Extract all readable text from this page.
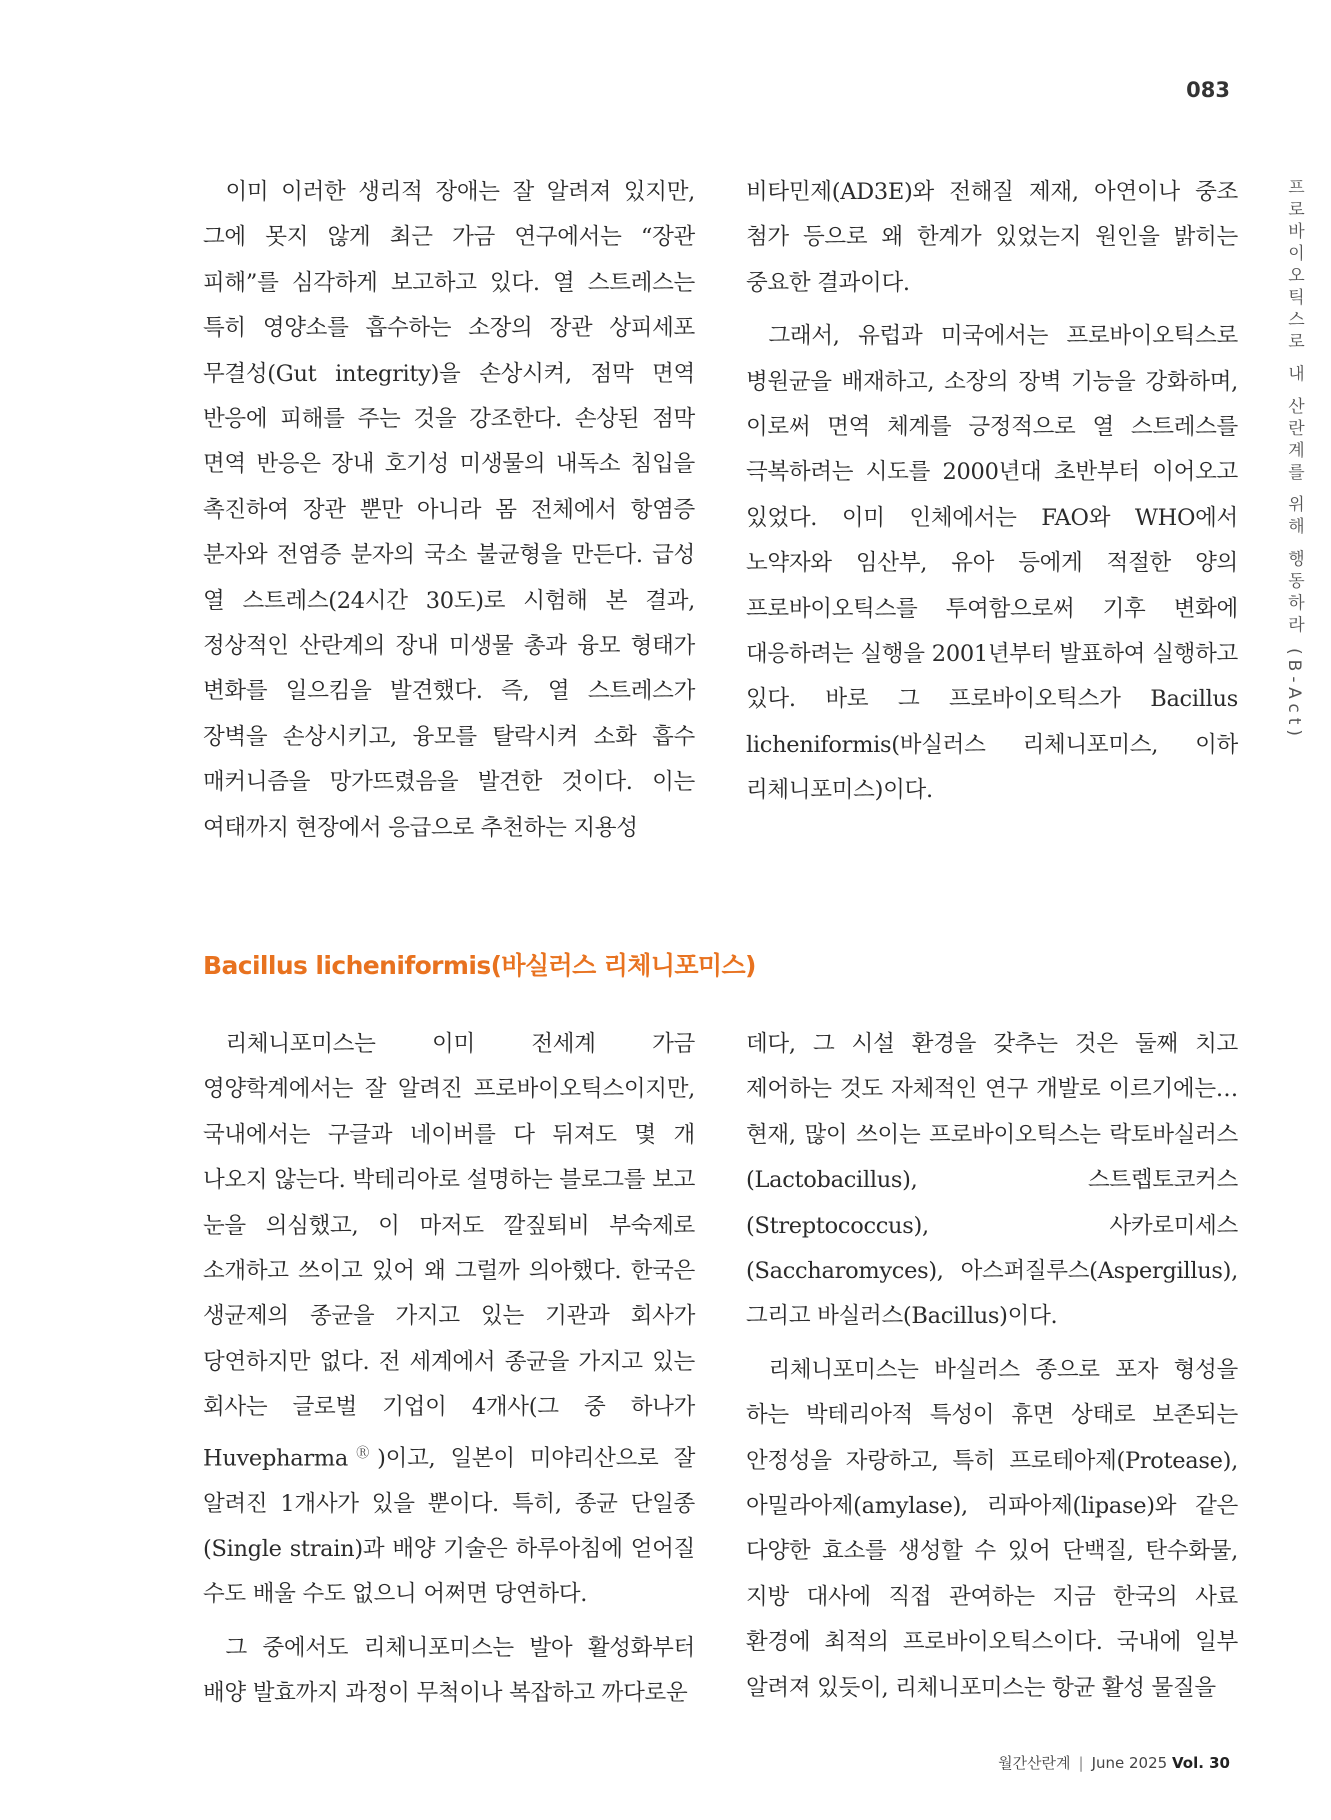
083
프로바이오틱스로 내 산란계를 위해 행동하라 (B-Act)

이미 이러한 생리적 장애는 잘 알려져 있지만, 그에 못지 않게 최근 가금 연구에서는 “장관 피해”를 심각하게 보고하고 있다. 열 스트레스는 특히 영양소를 흡수하는 소장의 장관 상피세포 무결성(Gut integrity)을 손상시켜, 점막 면역 반응에 피해를 주는 것을 강조한다. 손상된 점막 면역 반응은 장내 호기성 미생물의 내독소 침입을 촉진하여 장관 뿐만 아니라 몸 전체에서 항염증 분자와 전염증 분자의 국소 불균형을 만든다. 급성 열 스트레스(24시간 30도)로 시험해 본 결과, 정상적인 산란계의 장내 미생물 총과 융모 형태가 변화를 일으킴을 발견했다. 즉, 열 스트레스가 장벽을 손상시키고, 융모를 탈락시켜 소화 흡수 매커니즘을 망가뜨렸음을 발견한 것이다. 이는 여태까지 현장에서 응급으로 추천하는 지용성

비타민제(AD3E)와 전해질 제재, 아연이나 중조 첨가 등으로 왜 한계가 있었는지 원인을 밝히는 중요한 결과이다.

그래서, 유럽과 미국에서는 프로바이오틱스로 병원균을 배재하고, 소장의 장벽 기능을 강화하며, 이로써 면역 체계를 긍정적으로 열 스트레스를 극복하려는 시도를 2000년대 초반부터 이어오고 있었다. 이미 인체에서는 FAO와 WHO에서 노약자와 임산부, 유아 등에게 적절한 양의 프로바이오틱스를 투여함으로써 기후 변화에 대응하려는 실행을 2001년부터 발표하여 실행하고 있다. 바로 그 프로바이오틱스가 Bacillus licheniformis(바실러스 리체니포미스, 이하 리체니포미스)이다.

Bacillus licheniformis(바실러스 리체니포미스)

리체니포미스는 이미 전세계 가금 영양학계에서는 잘 알려진 프로바이오틱스이지만, 국내에서는 구글과 네이버를 다 뒤져도 몇 개 나오지 않는다. 박테리아로 설명하는 블로그를 보고 눈을 의심했고, 이 마저도 깔짚퇴비 부숙제로 소개하고 쓰이고 있어 왜 그럴까 의아했다. 한국은 생균제의 종균을 가지고 있는 기관과 회사가 당연하지만 없다. 전 세계에서 종균을 가지고 있는 회사는 글로벌 기업이 4개사(그 중 하나가 HuvepharmaⓇ)이고, 일본이 미야리산으로 잘 알려진 1개사가 있을 뿐이다. 특히, 종균 단일종(Single strain)과 배양 기술은 하루아침에 얻어질 수도 배울 수도 없으니 어쩌면 당연하다.

그 중에서도 리체니포미스는 발아 활성화부터 배양 발효까지 과정이 무척이나 복잡하고 까다로운

데다, 그 시설 환경을 갖추는 것은 둘째 치고 제어하는 것도 자체적인 연구 개발로 이르기에는… 현재, 많이 쓰이는 프로바이오틱스는 락토바실러스(Lactobacillus), 스트렙토코커스(Streptococcus), 사카로미세스(Saccharomyces), 아스퍼질루스(Aspergillus), 그리고 바실러스(Bacillus)이다.

리체니포미스는 바실러스 종으로 포자 형성을 하는 박테리아적 특성이 휴면 상태로 보존되는 안정성을 자랑하고, 특히 프로테아제(Protease), 아밀라아제(amylase), 리파아제(lipase)와 같은 다양한 효소를 생성할 수 있어 단백질, 탄수화물, 지방 대사에 직접 관여하는 지금 한국의 사료 환경에 최적의 프로바이오틱스이다. 국내에 일부 알려져 있듯이, 리체니포미스는 항균 활성 물질을

월간산란계 | June 2025 Vol. 30
